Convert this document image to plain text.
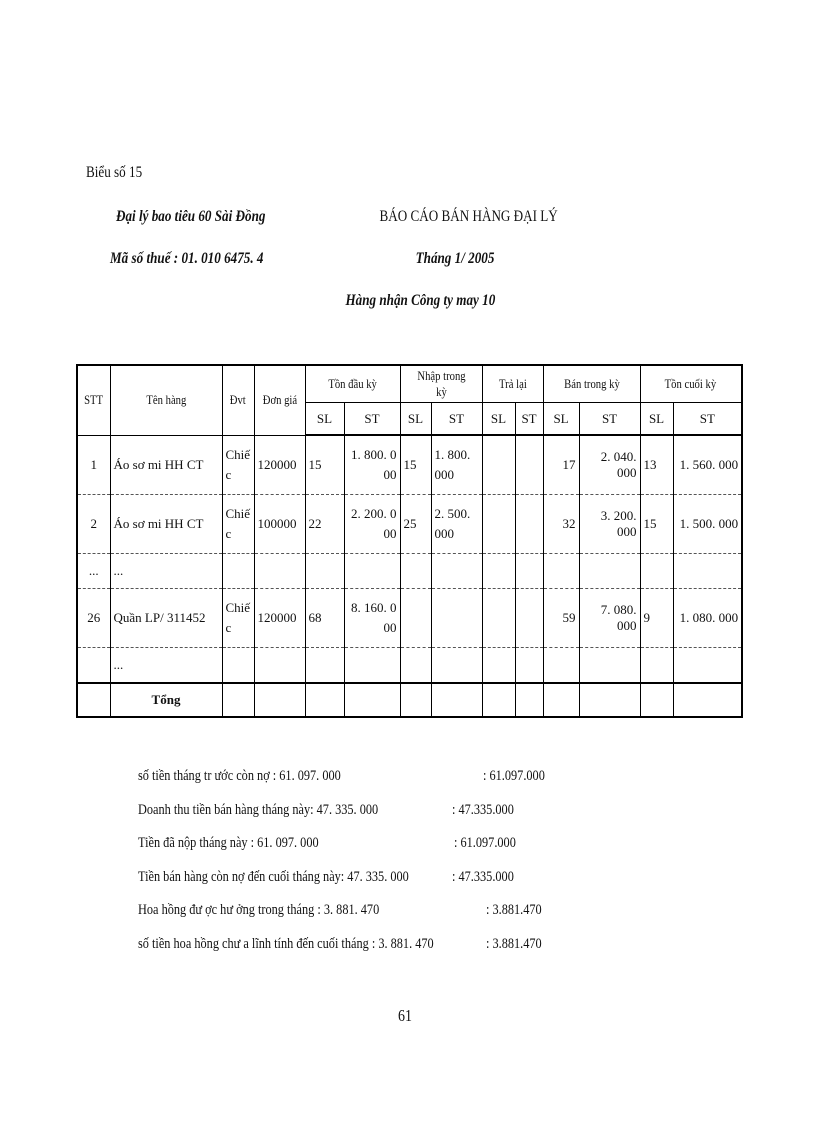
Biểu số 15
Đại lý bao tiêu 60 Sài Đồng
Mã số thuế : 01. 010 6475. 4
BÁO CÁO BÁN HÀNG ĐẠI LÝ
Tháng 1/ 2005
Hàng nhận Công ty may 10
STT	Tên hàng	Đvt	Đơn giá	Tồn đầu kỳ		Nhập trong kỳ		Trả lại		Bán trong kỳ		Tồn cuối kỳ	
				SL	ST	SL	ST	SL	ST	SL	ST	SL	ST
1	Áo sơ mi HH CT	Chiế c	120000	15	1. 800. 000	15	1. 800. 000			17	2. 040. 000	13	1. 560. 000
2	Áo sơ mi HH CT	Chiế c	100000	22	2. 200. 000	25	2. 500. 000			32	3. 200. 000	15	1. 500. 000
...	...												
26	Quần LP/ 311452	Chiế c	120000	68	8. 160. 000					59	7. 080. 000	9	1. 080. 000
	...												
	Tổng												
số tiền tháng tr ước còn nợ : 61. 097. 000	: 61.097.000
Doanh thu tiền bán hàng tháng này: 47. 335. 000	: 47.335.000
Tiền đã nộp tháng này : 61. 097. 000	: 61.097.000
Tiền bán hàng còn nợ đến cuối tháng này: 47. 335. 000	: 47.335.000
Hoa hồng đư ợc hư ởng trong tháng : 3. 881. 470	: 3.881.470
số tiền hoa hồng chư a lĩnh tính đến cuối tháng : 3. 881. 470	: 3.881.470
61
